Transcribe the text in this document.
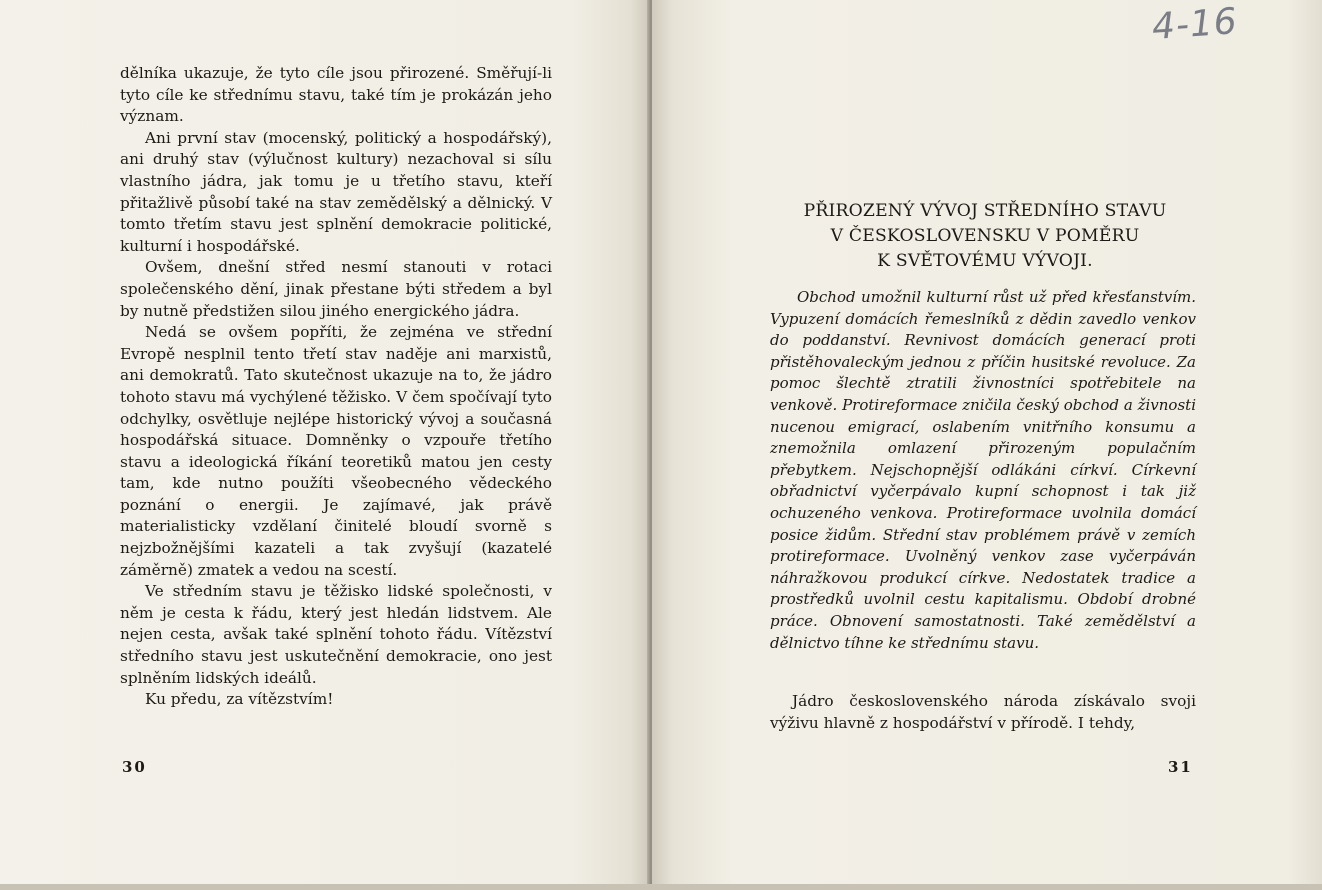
dělníka ukazuje, že tyto cíle jsou přirozené. Směřují-li tyto cíle ke střednímu stavu, také tím je prokázán jeho význam.

Ani první stav (mocenský, politický a hospodářský), ani druhý stav (výlučnost kultury) nezachoval si sílu vlastního jádra, jak tomu je u třetího stavu, kteří přitažlivě působí také na stav zemědělský a dělnický. V tomto třetím stavu jest splnění demokracie politické, kulturní i hospodářské.

Ovšem, dnešní střed nesmí stanouti v rotaci společenského dění, jinak přestane býti středem a byl by nutně předstižen silou jiného energického jádra.

Nedá se ovšem popříti, že zejména ve střední Evropě nesplnil tento třetí stav naděje ani marxistů, ani demokratů. Tato skutečnost ukazuje na to, že jádro tohoto stavu má vychýlené těžisko. V čem spočívají tyto odchylky, osvětluje nejlépe historický vývoj a současná hospodářská situace. Domněnky o vzpouře třetího stavu a ideologická říkání teoretiků matou jen cesty tam, kde nutno použíti všeobecného vědeckého poznání o energii. Je zajímavé, jak právě materialisticky vzdělaní činitelé bloudí svorně s nejzbožnějšími kazateli a tak zvyšují (kazatelé záměrně) zmatek a vedou na scestí.

Ve středním stavu je těžisko lidské společnosti, v něm je cesta k řádu, který jest hledán lidstvem. Ale nejen cesta, avšak také splnění tohoto řádu. Vítězství středního stavu jest uskutečnění demokracie, ono jest splněním lidských ideálů.

Ku předu, za vítězstvím!

30
4-16
PŘIROZENÝ VÝVOJ STŘEDNÍHO STAVU
V ČESKOSLOVENSKU V POMĚRU
K SVĚTOVÉMU VÝVOJI.

Obchod umožnil kulturní růst už před křesťanstvím. Vypuzení domácích řemeslníků z dědin zavedlo venkov do poddanství. Revnivost domácích generací proti přistěhovaleckým jednou z příčin husitské revoluce. Za pomoc šlechtě ztratili živnostníci spotřebitele na venkově. Protireformace zničila český obchod a živnosti nucenou emigrací, oslabením vnitřního konsumu a znemožnila omlazení přirozeným populačním přebytkem. Nejschopnější odlákáni církví. Církevní obřadnictví vyčerpávalo kupní schopnost i tak již ochuzeného venkova. Protireformace uvolnila domácí posice židům. Střední stav problémem právě v zemích protireformace. Uvolněný venkov zase vyčerpáván náhražkovou produkcí církve. Nedostatek tradice a prostředků uvolnil cestu kapitalismu. Období drobné práce. Obnovení samostatnosti. Také zemědělství a dělnictvo tíhne ke střednímu stavu.

Jádro československého národa získávalo svoji výživu hlavně z hospodářství v přírodě. I tehdy,

31
